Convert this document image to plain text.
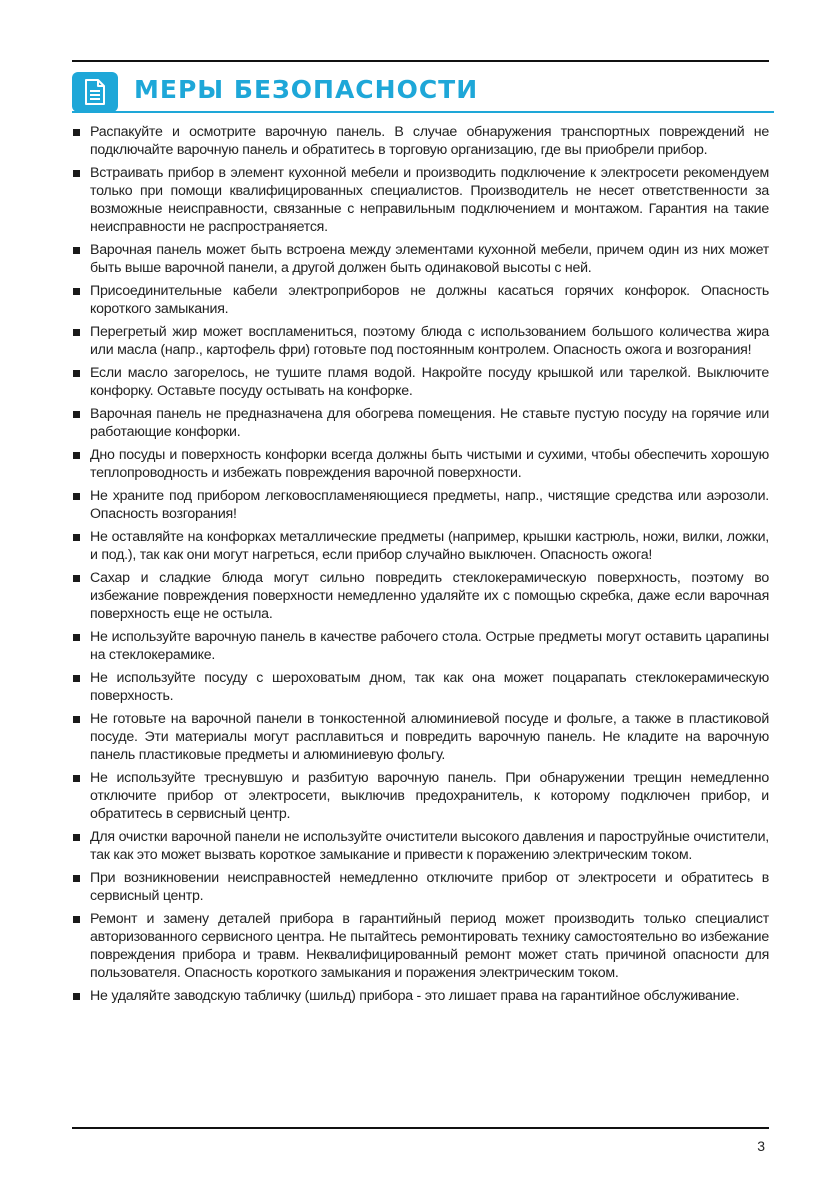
МЕРЫ БЕЗОПАСНОСТИ
Распакуйте и осмотрите варочную панель. В случае обнаружения транспортных повреждений не подключайте варочную панель и обратитесь в торговую организацию, где вы приобрели прибор.
Встраивать прибор в элемент кухонной мебели и производить подключение к электросети рекомендуем только при помощи квалифицированных специалистов. Производитель не несет ответственности за возможные неисправности, связанные с неправильным подключением и монтажом. Гарантия на такие неисправности не распространяется.
Варочная панель может быть встроена между элементами кухонной мебели, причем один из них может быть выше варочной панели, а другой должен быть одинаковой высоты с ней.
Присоединительные кабели электроприборов не должны касаться горячих конфорок. Опасность короткого замыкания.
Перегретый жир может воспламениться, поэтому блюда с использованием большого количества жира или масла (напр., картофель фри) готовьте под постоянным контролем. Опасность ожога и возгорания!
Если масло загорелось, не тушите пламя водой. Накройте посуду крышкой или тарелкой. Выключите конфорку. Оставьте посуду остывать на конфорке.
Варочная панель не предназначена для обогрева помещения. Не ставьте пустую посуду на горячие или работающие конфорки.
Дно посуды и поверхность конфорки всегда должны быть чистыми и сухими, чтобы обеспечить хорошую теплопроводность и избежать повреждения варочной поверхности.
Не храните под прибором легковоспламеняющиеся предметы, напр., чистящие средства или аэрозоли. Опасность возгорания!
Не оставляйте на конфорках металлические предметы (например, крышки кастрюль, ножи, вилки, ложки, и под.), так как они могут нагреться, если прибор случайно выключен. Опасность ожога!
Сахар и сладкие блюда могут сильно повредить стеклокерамическую поверхность, поэтому во избежание повреждения поверхности немедленно удаляйте их с помощью скребка, даже если варочная поверхность еще не остыла.
Не используйте варочную панель в качестве рабочего стола. Острые предметы могут оставить царапины на стеклокерамике.
Не используйте посуду с шероховатым дном, так как она может поцарапать стеклокерамическую поверхность.
Не готовьте на варочной панели в тонкостенной алюминиевой посуде и фольге, а также в пластиковой посуде. Эти материалы могут расплавиться и повредить варочную панель. Не кладите на варочную панель пластиковые предметы и алюминиевую фольгу.
Не используйте треснувшую и разбитую варочную панель. При обнаружении трещин немедленно отключите прибор от электросети, выключив предохранитель, к которому подключен прибор, и обратитесь в сервисный центр.
Для очистки варочной панели не используйте очистители высокого давления и пароструйные очистители, так как это может вызвать короткое замыкание и привести к поражению электрическим током.
При возникновении неисправностей немедленно отключите прибор от электросети и обратитесь в сервисный центр.
Ремонт и замену деталей прибора в гарантийный период может производить только специалист авторизованного сервисного центра. Не пытайтесь ремонтировать технику самостоятельно во избежание повреждения прибора и травм. Неквалифицированный ремонт может стать причиной опасности для пользователя. Опасность короткого замыкания и поражения электрическим током.
Не удаляйте заводскую табличку (шильд) прибора - это лишает права на гарантийное обслуживание.
3
